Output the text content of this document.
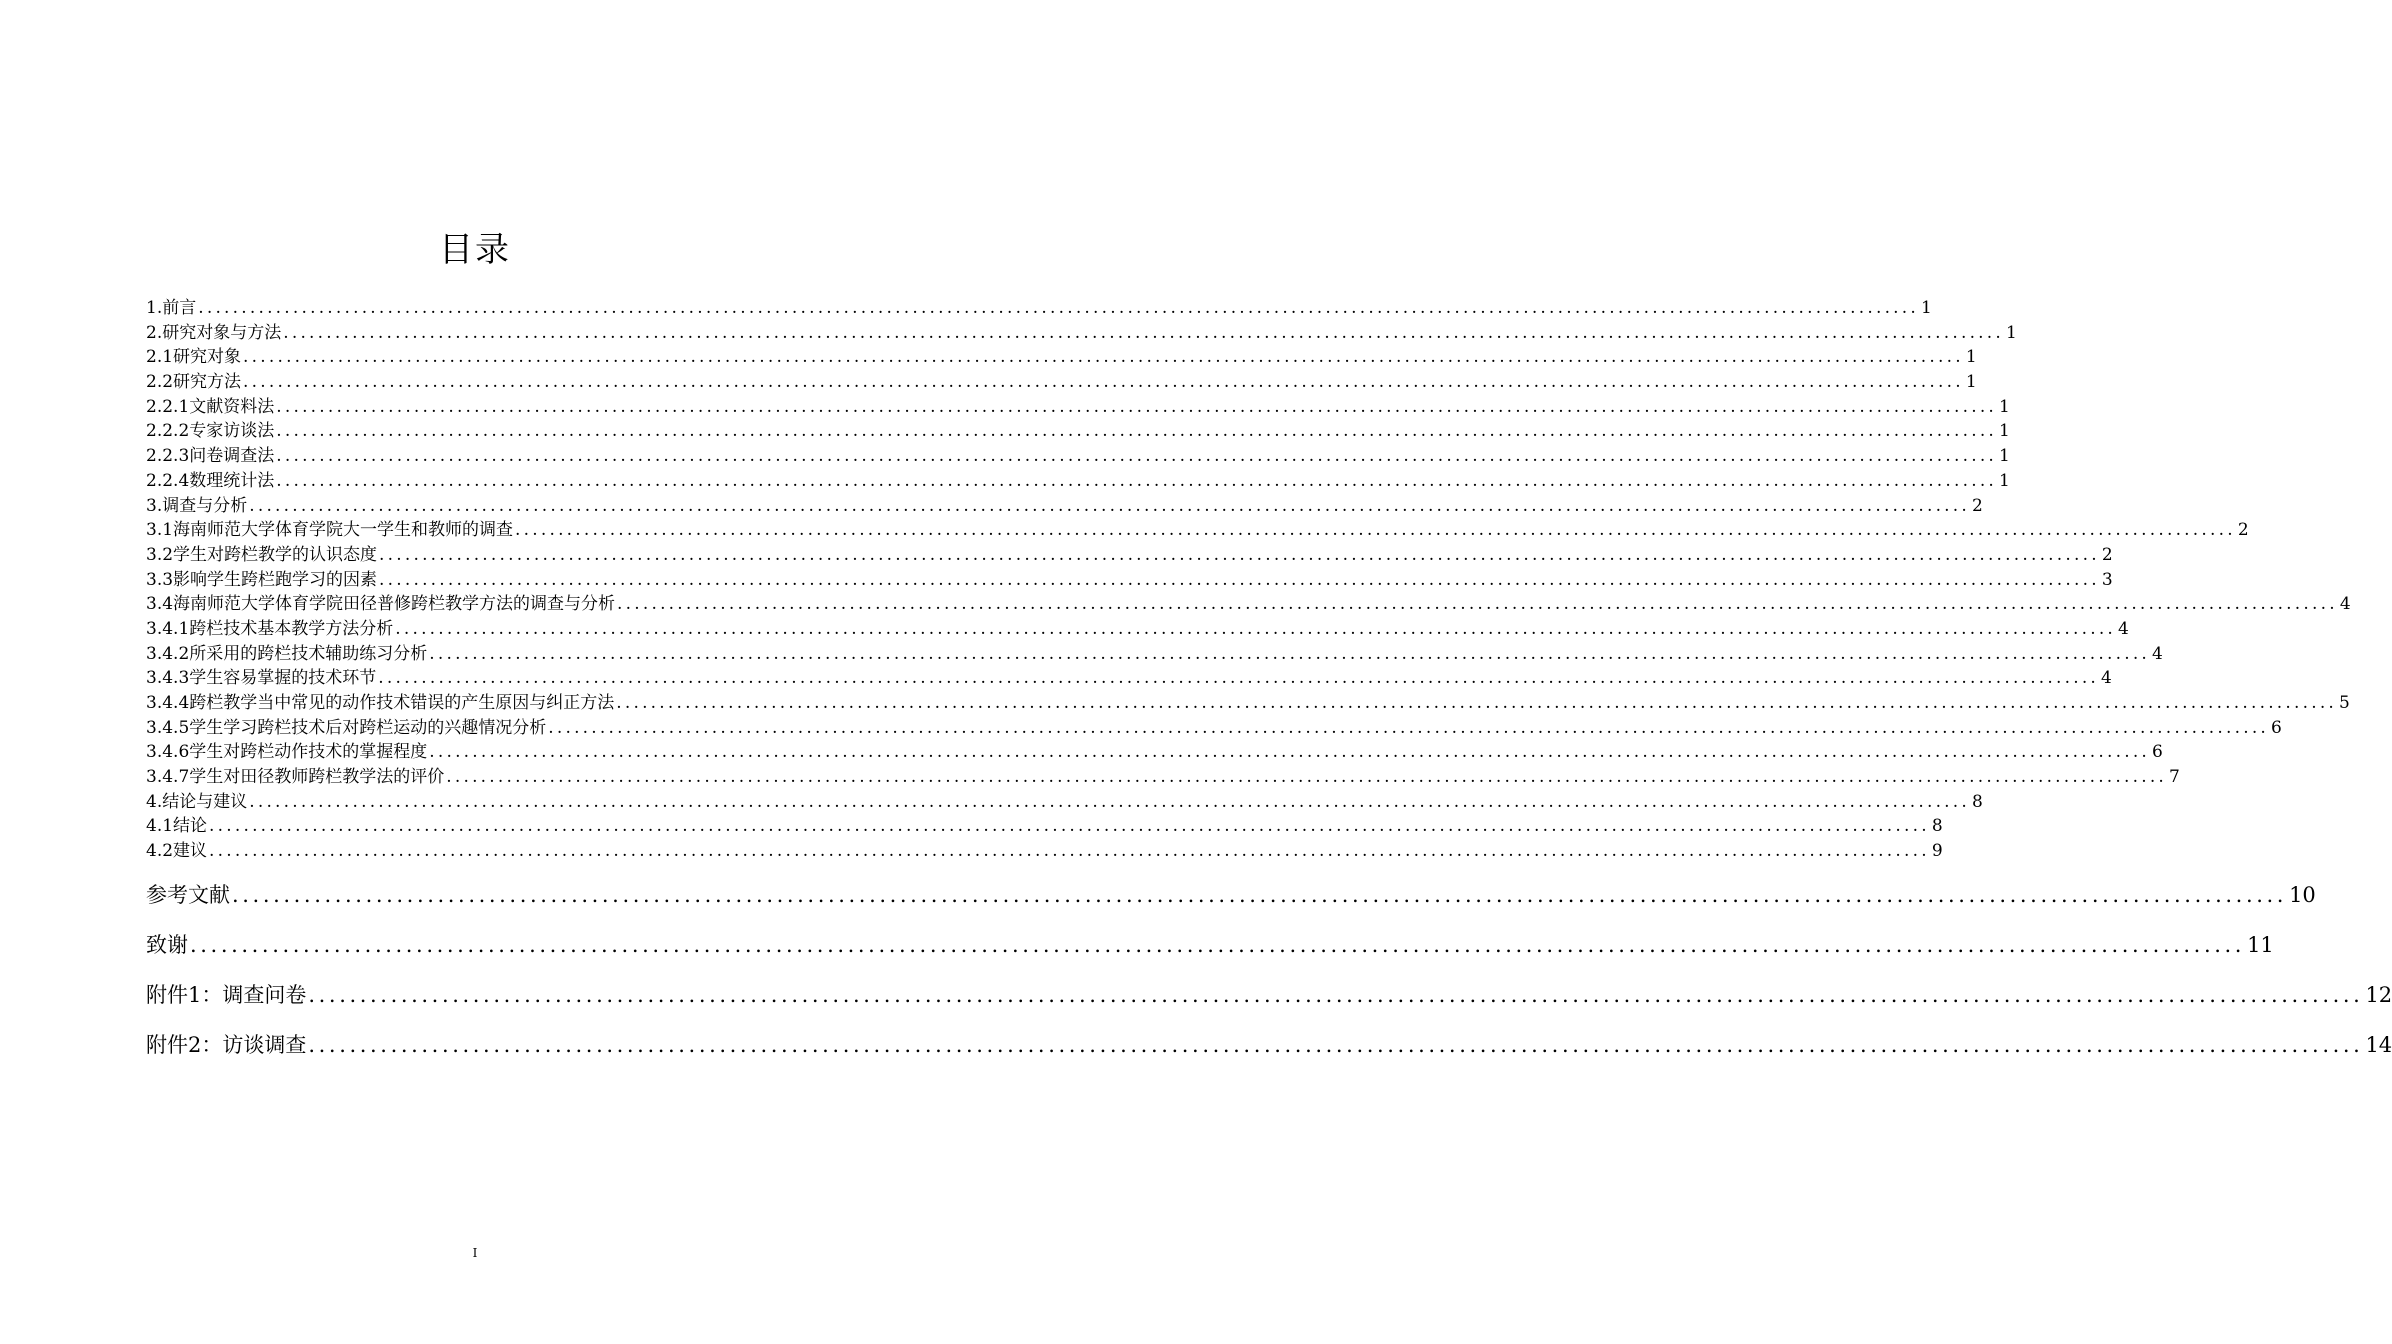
目录
1.前言 ........................................................................................................................................................................................................ 1
2.研究对象与方法 ........................................................................................................................................................................................................ 1
2.1研究对象 ........................................................................................................................................................................................................ 1
2.2研究方法 ........................................................................................................................................................................................................ 1
2.2.1文献资料法 ........................................................................................................................................................................................................ 1
2.2.2专家访谈法 ........................................................................................................................................................................................................ 1
2.2.3问卷调查法 ........................................................................................................................................................................................................ 1
2.2.4数理统计法 ........................................................................................................................................................................................................ 1
3.调查与分析 ........................................................................................................................................................................................................ 2
3.1海南师范大学体育学院大一学生和教师的调查 ........................................................................................................................................................................................................ 2
3.2学生对跨栏教学的认识态度 ........................................................................................................................................................................................................ 2
3.3影响学生跨栏跑学习的因素 ........................................................................................................................................................................................................ 3
3.4海南师范大学体育学院田径普修跨栏教学方法的调查与分析 ........................................................................................................................................................................................................ 4
3.4.1跨栏技术基本教学方法分析 ........................................................................................................................................................................................................ 4
3.4.2所采用的跨栏技术辅助练习分析 ........................................................................................................................................................................................................ 4
3.4.3学生容易掌握的技术环节 ........................................................................................................................................................................................................ 4
3.4.4跨栏教学当中常见的动作技术错误的产生原因与纠正方法 ........................................................................................................................................................................................................ 5
3.4.5学生学习跨栏技术后对跨栏运动的兴趣情况分析 ........................................................................................................................................................................................................ 6
3.4.6学生对跨栏动作技术的掌握程度 ........................................................................................................................................................................................................ 6
3.4.7学生对田径教师跨栏教学法的评价 ........................................................................................................................................................................................................ 7
4.结论与建议 ........................................................................................................................................................................................................ 8
4.1结论 ........................................................................................................................................................................................................ 8
4.2建议 ........................................................................................................................................................................................................ 9
参考文献 ........................................................................................................................................................................................................ 10
致谢 ........................................................................................................................................................................................................ 11
附件1：调查问卷 ........................................................................................................................................................................................................ 12
附件2：访谈调查 ........................................................................................................................................................................................................ 14
I
